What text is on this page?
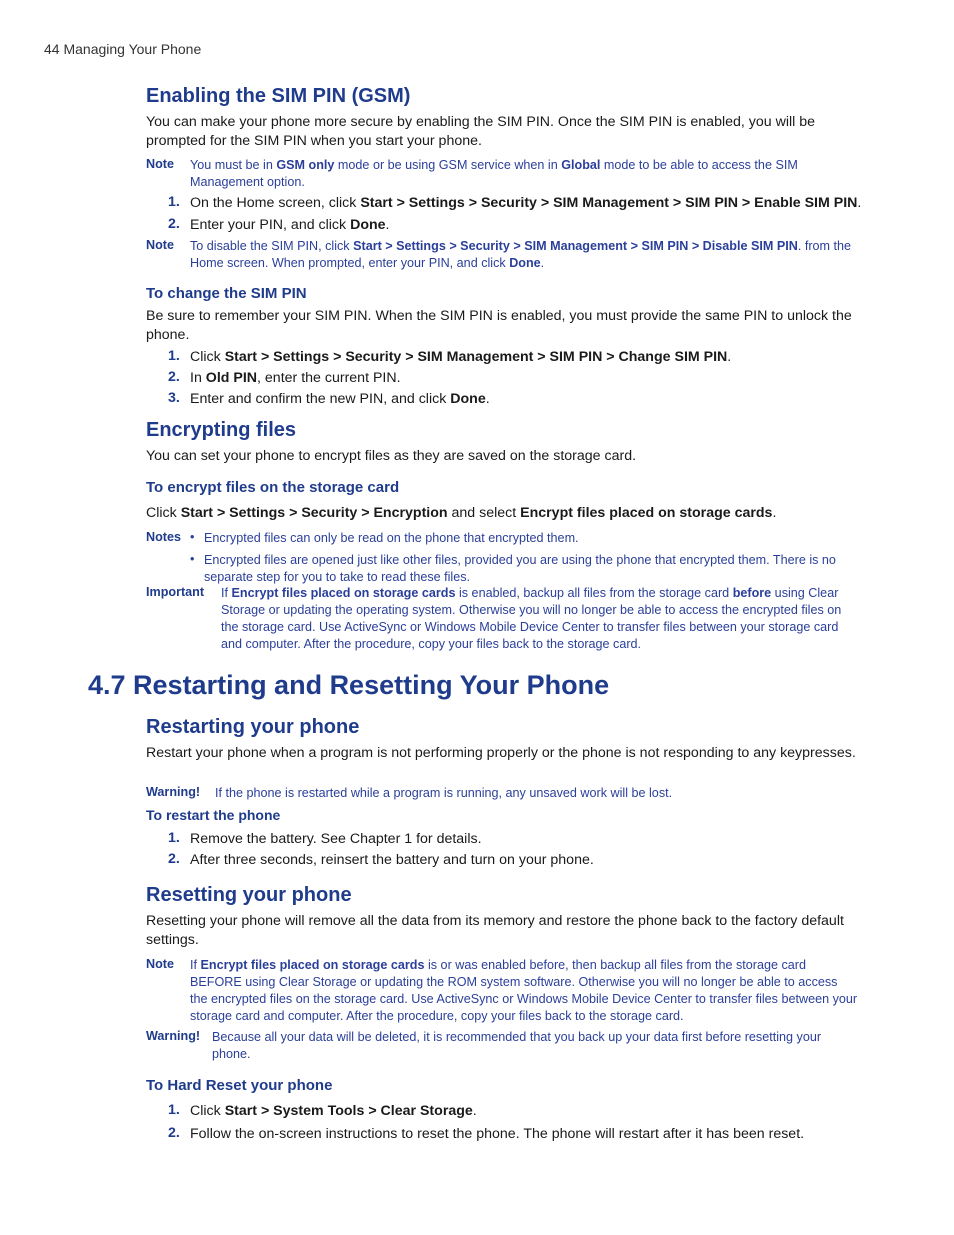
44 Managing Your Phone
Enabling the SIM PIN (GSM)
You can make your phone more secure by enabling the SIM PIN. Once the SIM PIN is enabled, you will be prompted for the SIM PIN when you start your phone.
Note You must be in GSM only mode or be using GSM service when in Global mode to be able to access the SIM Management option.
1. On the Home screen, click Start > Settings > Security > SIM Management > SIM PIN > Enable SIM PIN.
2. Enter your PIN, and click Done.
Note To disable the SIM PIN, click Start > Settings > Security > SIM Management > SIM PIN > Disable SIM PIN. from the Home screen. When prompted, enter your PIN, and click Done.
To change the SIM PIN
Be sure to remember your SIM PIN. When the SIM PIN is enabled, you must provide the same PIN to unlock the phone.
1. Click Start > Settings > Security > SIM Management > SIM PIN > Change SIM PIN.
2. In Old PIN, enter the current PIN.
3. Enter and confirm the new PIN, and click Done.
Encrypting files
You can set your phone to encrypt files as they are saved on the storage card.
To encrypt files on the storage card
Click Start > Settings > Security > Encryption and select Encrypt files placed on storage cards.
Notes • Encrypted files can only be read on the phone that encrypted them.
• Encrypted files are opened just like other files, provided you are using the phone that encrypted them. There is no separate step for you to take to read these files.
Important If Encrypt files placed on storage cards is enabled, backup all files from the storage card before using Clear Storage or updating the operating system. Otherwise you will no longer be able to access the encrypted files on the storage card. Use ActiveSync or Windows Mobile Device Center to transfer files between your storage card and computer. After the procedure, copy your files back to the storage card.
4.7 Restarting and Resetting Your Phone
Restarting your phone
Restart your phone when a program is not performing properly or the phone is not responding to any keypresses.
Warning! If the phone is restarted while a program is running, any unsaved work will be lost.
To restart the phone
1. Remove the battery. See Chapter 1 for details.
2. After three seconds, reinsert the battery and turn on your phone.
Resetting your phone
Resetting your phone will remove all the data from its memory and restore the phone back to the factory default settings.
Note If Encrypt files placed on storage cards is or was enabled before, then backup all files from the storage card BEFORE using Clear Storage or updating the ROM system software. Otherwise you will no longer be able to access the encrypted files on the storage card. Use ActiveSync or Windows Mobile Device Center to transfer files between your storage card and computer. After the procedure, copy your files back to the storage card.
Warning! Because all your data will be deleted, it is recommended that you back up your data first before resetting your phone.
To Hard Reset your phone
1. Click Start > System Tools > Clear Storage.
2. Follow the on-screen instructions to reset the phone. The phone will restart after it has been reset.
